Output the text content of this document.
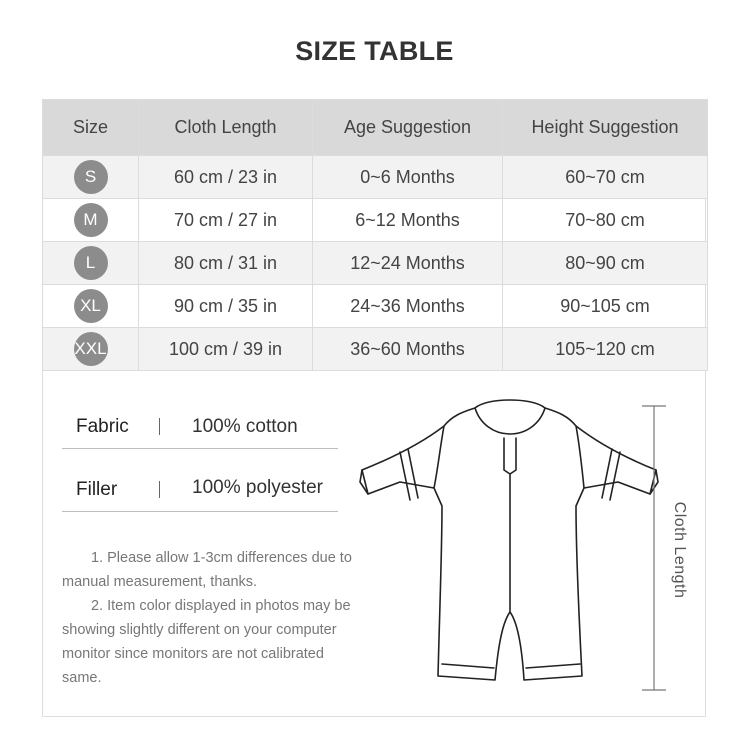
SIZE TABLE
Size	Cloth Length	Age Suggestion	Height Suggestion
S	60 cm / 23 in	0~6 Months	60~70 cm
M	70 cm / 27 in	6~12 Months	70~80 cm
L	80 cm / 31 in	12~24 Months	80~90 cm
XL	90 cm / 35 in	24~36 Months	90~105 cm
XXL	100 cm / 39 in	36~60 Months	105~120 cm
Fabric	100% cotton
Filler	100% polyester

1. Please allow 1-3cm differences due to manual measurement, thanks.

2. Item color displayed in photos may be showing slightly different on your computer monitor since monitors are not calibrated same.

Cloth Length
